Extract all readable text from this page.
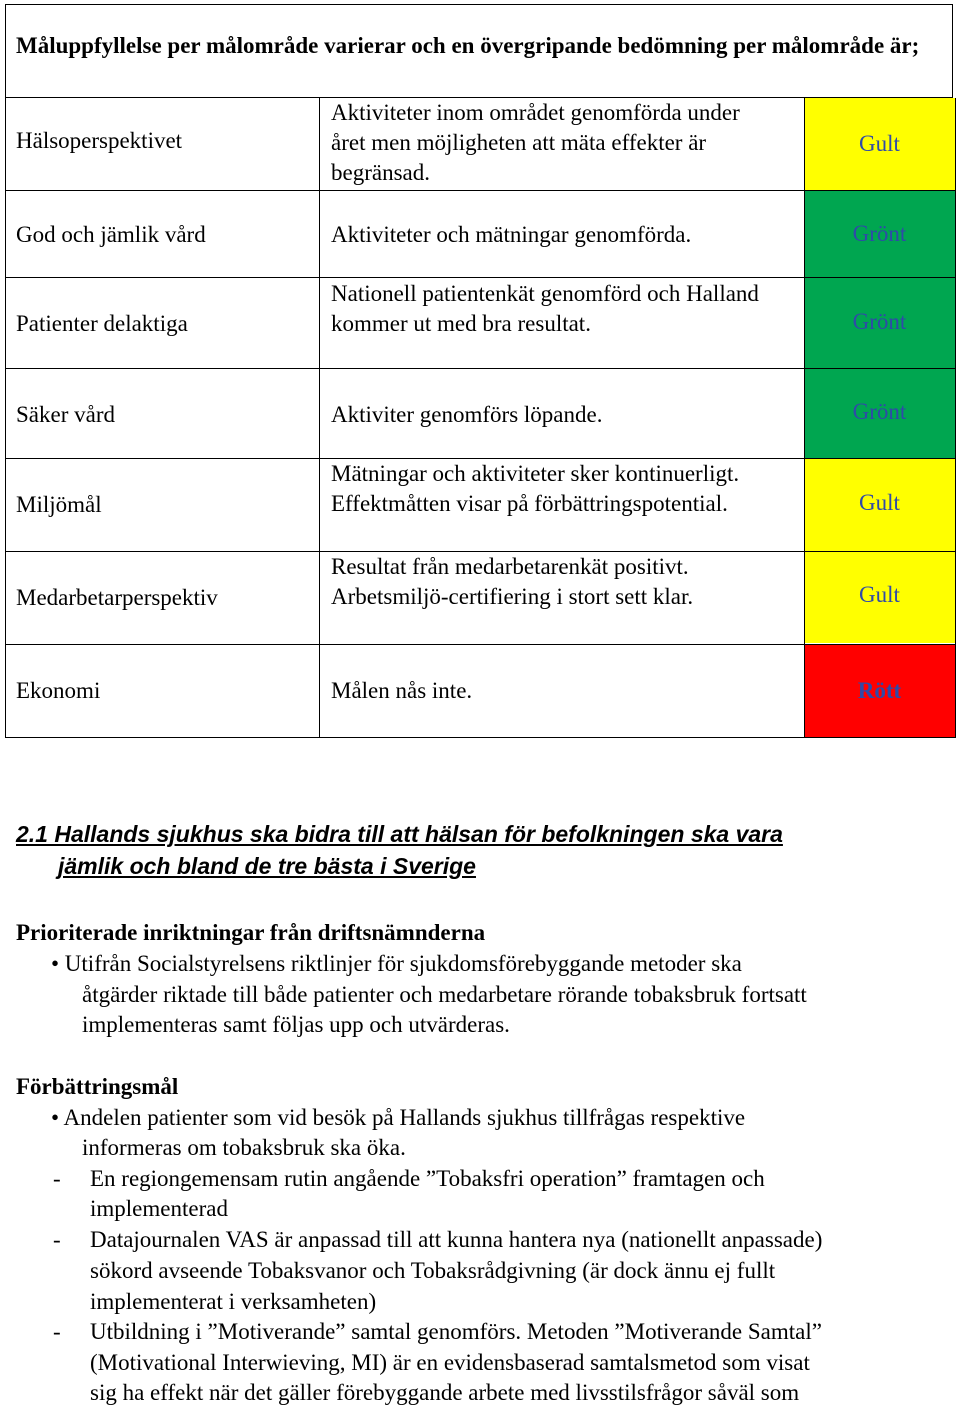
Måluppfyllelse per målområde varierar och en övergripande bedömning per målområde är;
Gult
Grönt
Grönt
Grönt
Gult
Gult
Rött
Hälsoperspektivet
God och jämlik vård
Patienter delaktiga
Säker vård
Miljömål
Medarbetarperspektiv
Ekonomi
Aktiviteter inom området genomförda under året men möjligheten att mäta effekter är begränsad.
Aktiviteter och mätningar genomförda.
Nationell patientenkät genomförd och Halland kommer ut med bra resultat.
Aktiviter genomförs löpande.
Mätningar och aktiviteter sker kontinuerligt. Effektmåtten visar på förbättringspotential.
Resultat från medarbetarenkät positivt. Arbetsmiljö-certifiering i stort sett klar.
Målen nås inte.
2.1 Hallands sjukhus ska bidra till att hälsan för befolkningen ska vara
jämlik och bland de tre bästa i Sverige
Prioriterade inriktningar från driftsnämnderna
• Utifrån Socialstyrelsens riktlinjer för sjukdomsförebyggande metoder ska
åtgärder riktade till både patienter och medarbetare rörande tobaksbruk fortsatt
implementeras samt följas upp och utvärderas.
Förbättringsmål
• Andelen patienter som vid besök på Hallands sjukhus tillfrågas respektive
informeras om tobaksbruk ska öka.
- En regiongemensam rutin angående ”Tobaksfri operation” framtagen och
implementerad
- Datajournalen VAS är anpassad till att kunna hantera nya (nationellt anpassade)
sökord avseende Tobaksvanor och Tobaksrådgivning (är dock ännu ej fullt
implementerat i verksamheten)
- Utbildning i ”Motiverande” samtal genomförs. Metoden ”Motiverande Samtal”
(Motivational Interwieving, MI) är en evidensbaserad samtalsmetod som visat
sig ha effekt när det gäller förebyggande arbete med livsstilsfrågor såväl som
